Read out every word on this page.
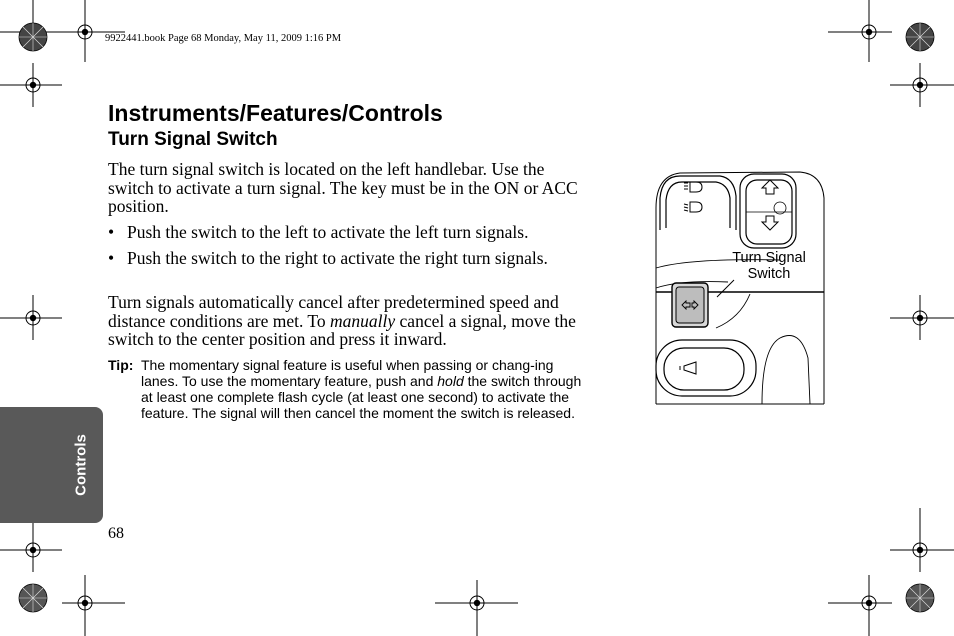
9922441.book Page 68 Monday, May 11, 2009 1:16 PM
Instruments/Features/Controls
Turn Signal Switch

The turn signal switch is located on the left handlebar. Use the switch to activate a turn signal. The key must be in the ON or ACC position.

• Push the switch to the left to activate the left turn signals.
• Push the switch to the right to activate the right turn signals.

Turn signals automatically cancel after predetermined speed and distance conditions are met. To manually cancel a signal, move the switch to the center position and press it inward.

Tip: The momentary signal feature is useful when passing or chang-ing lanes. To use the momentary feature, push and hold the switch through at least one complete flash cycle (at least one second) to activate the feature. The signal will then cancel the moment the switch is released.
Turn Signal
Switch
Controls
68
